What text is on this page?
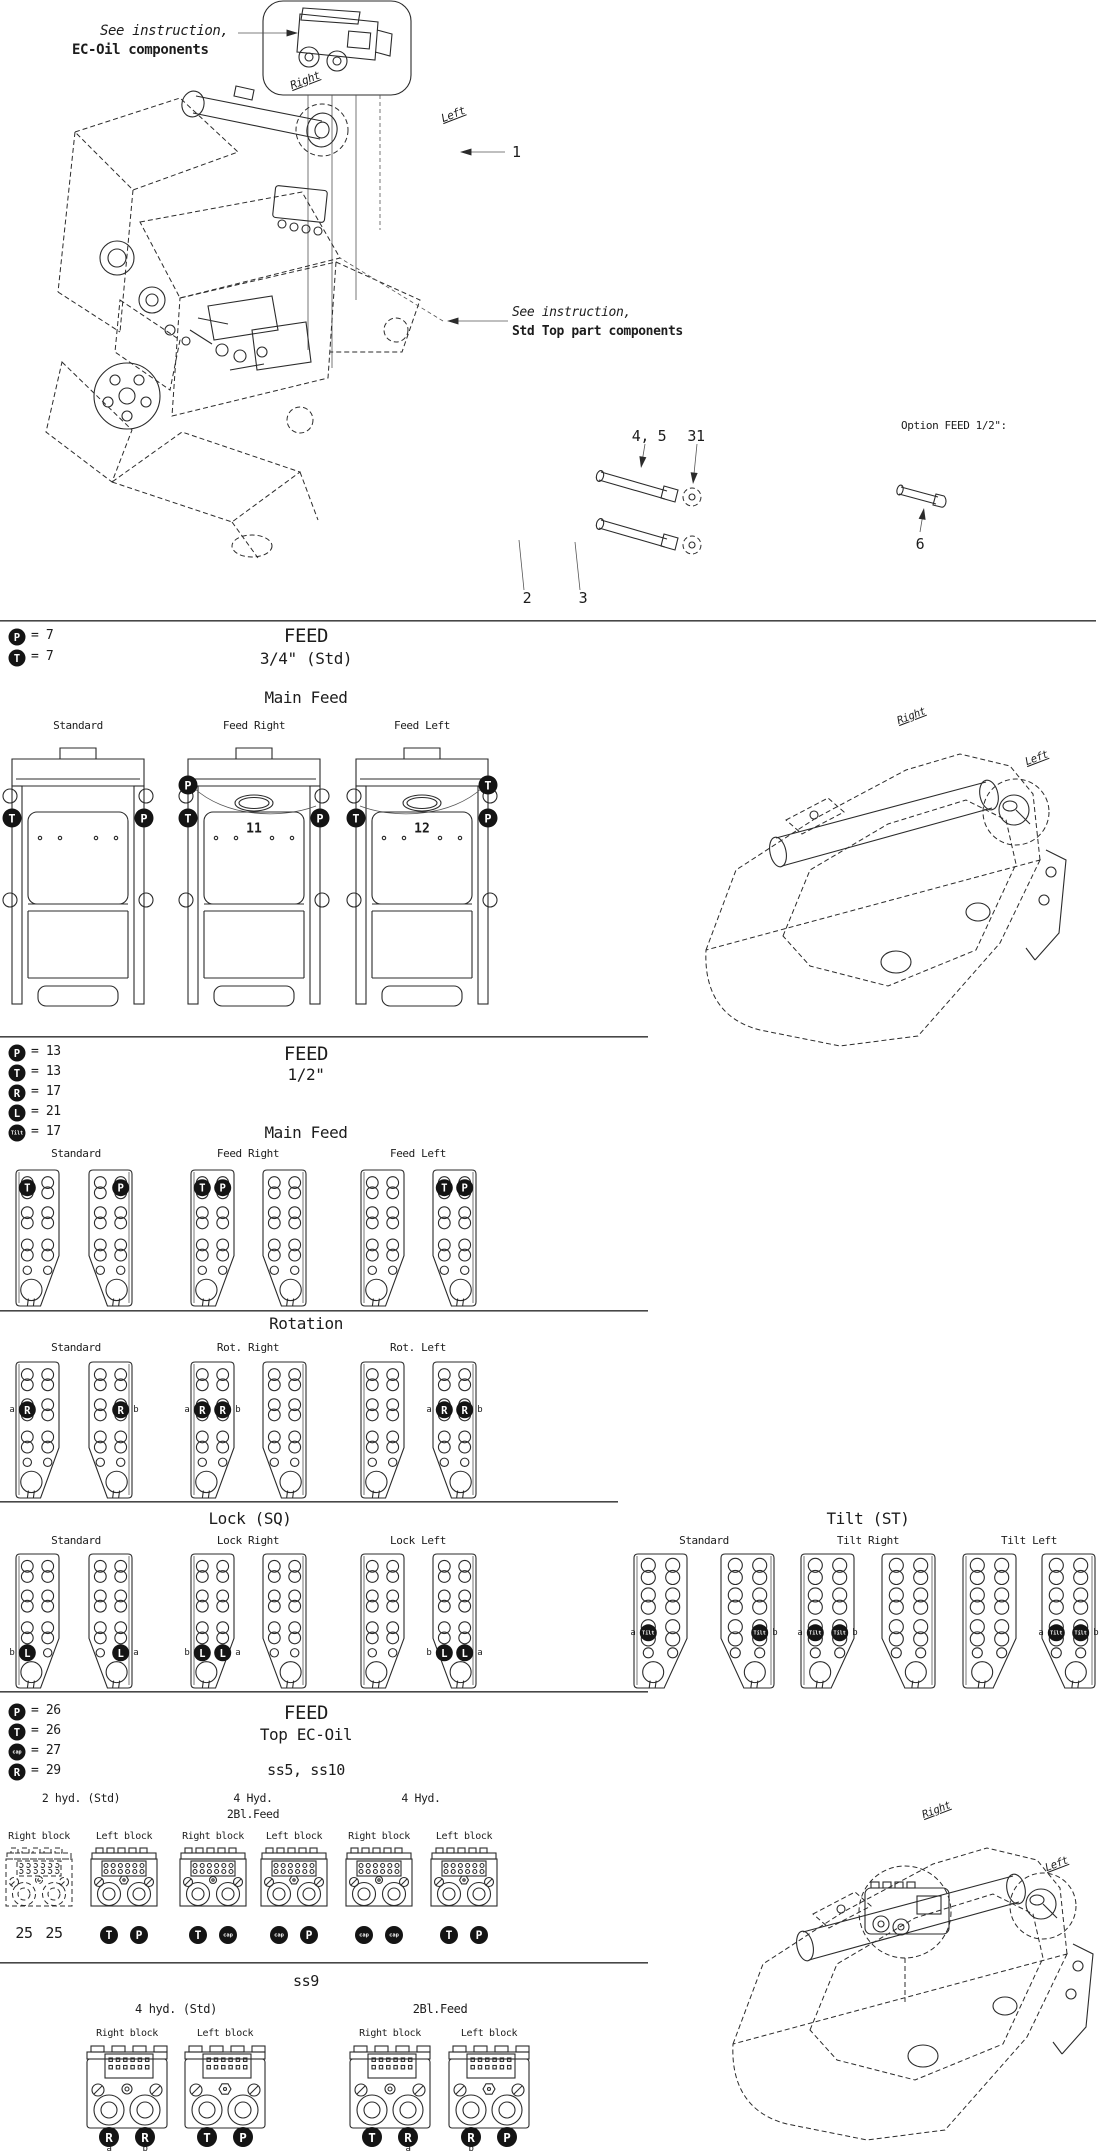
P
T
P
T
R
L
Tilt
P
T
cap
R
T	P
11
P
T	P
12
T
T	P
T	P	T P	T P
R
a	R b	R
a	R b	R
a	R b
L
b	L a	L
b	L a	L
b	L a
Tilt
a	Tilt b	Tilt
a	Tilt b	Tilt
a	Tilt b
T P	T	cap	cap P	cap	cap	T P
R R	T P	T R	R P
See instruction,
EC-Oil components
Right
Left
1
See instruction,
Std Top part components
4, 5 31
Option FEED 1/2":
6
2	3
FEED
3/4" (Std)
Main Feed
Right
Left
FEED
1/2"
FEED
Top EC-Oil
ss5, ss10
ss9
Right
Left
= 7
= 7
= 13
= 13
= 17
= 21
= 17
= 26
= 26
= 27
= 29
Standard	Feed Right	Feed Left
Main Feed
Standard	Feed Right	Feed Left
Rotation
Standard	Rot. Right	Rot. Left
Lock (SQ)
Standard	Lock Right	Lock Left
Tilt (ST)
Standard	Tilt Right	Tilt Left
2 hyd. (Std)	4 Hyd.
2Bl.Feed
4 Hyd.
Right block
25 25
Left block	Right block Left block	Right block	Left block
4 hyd. (Std)	2Bl.Feed
Right block
a	b
Left block	Right block
a
Left block
b
